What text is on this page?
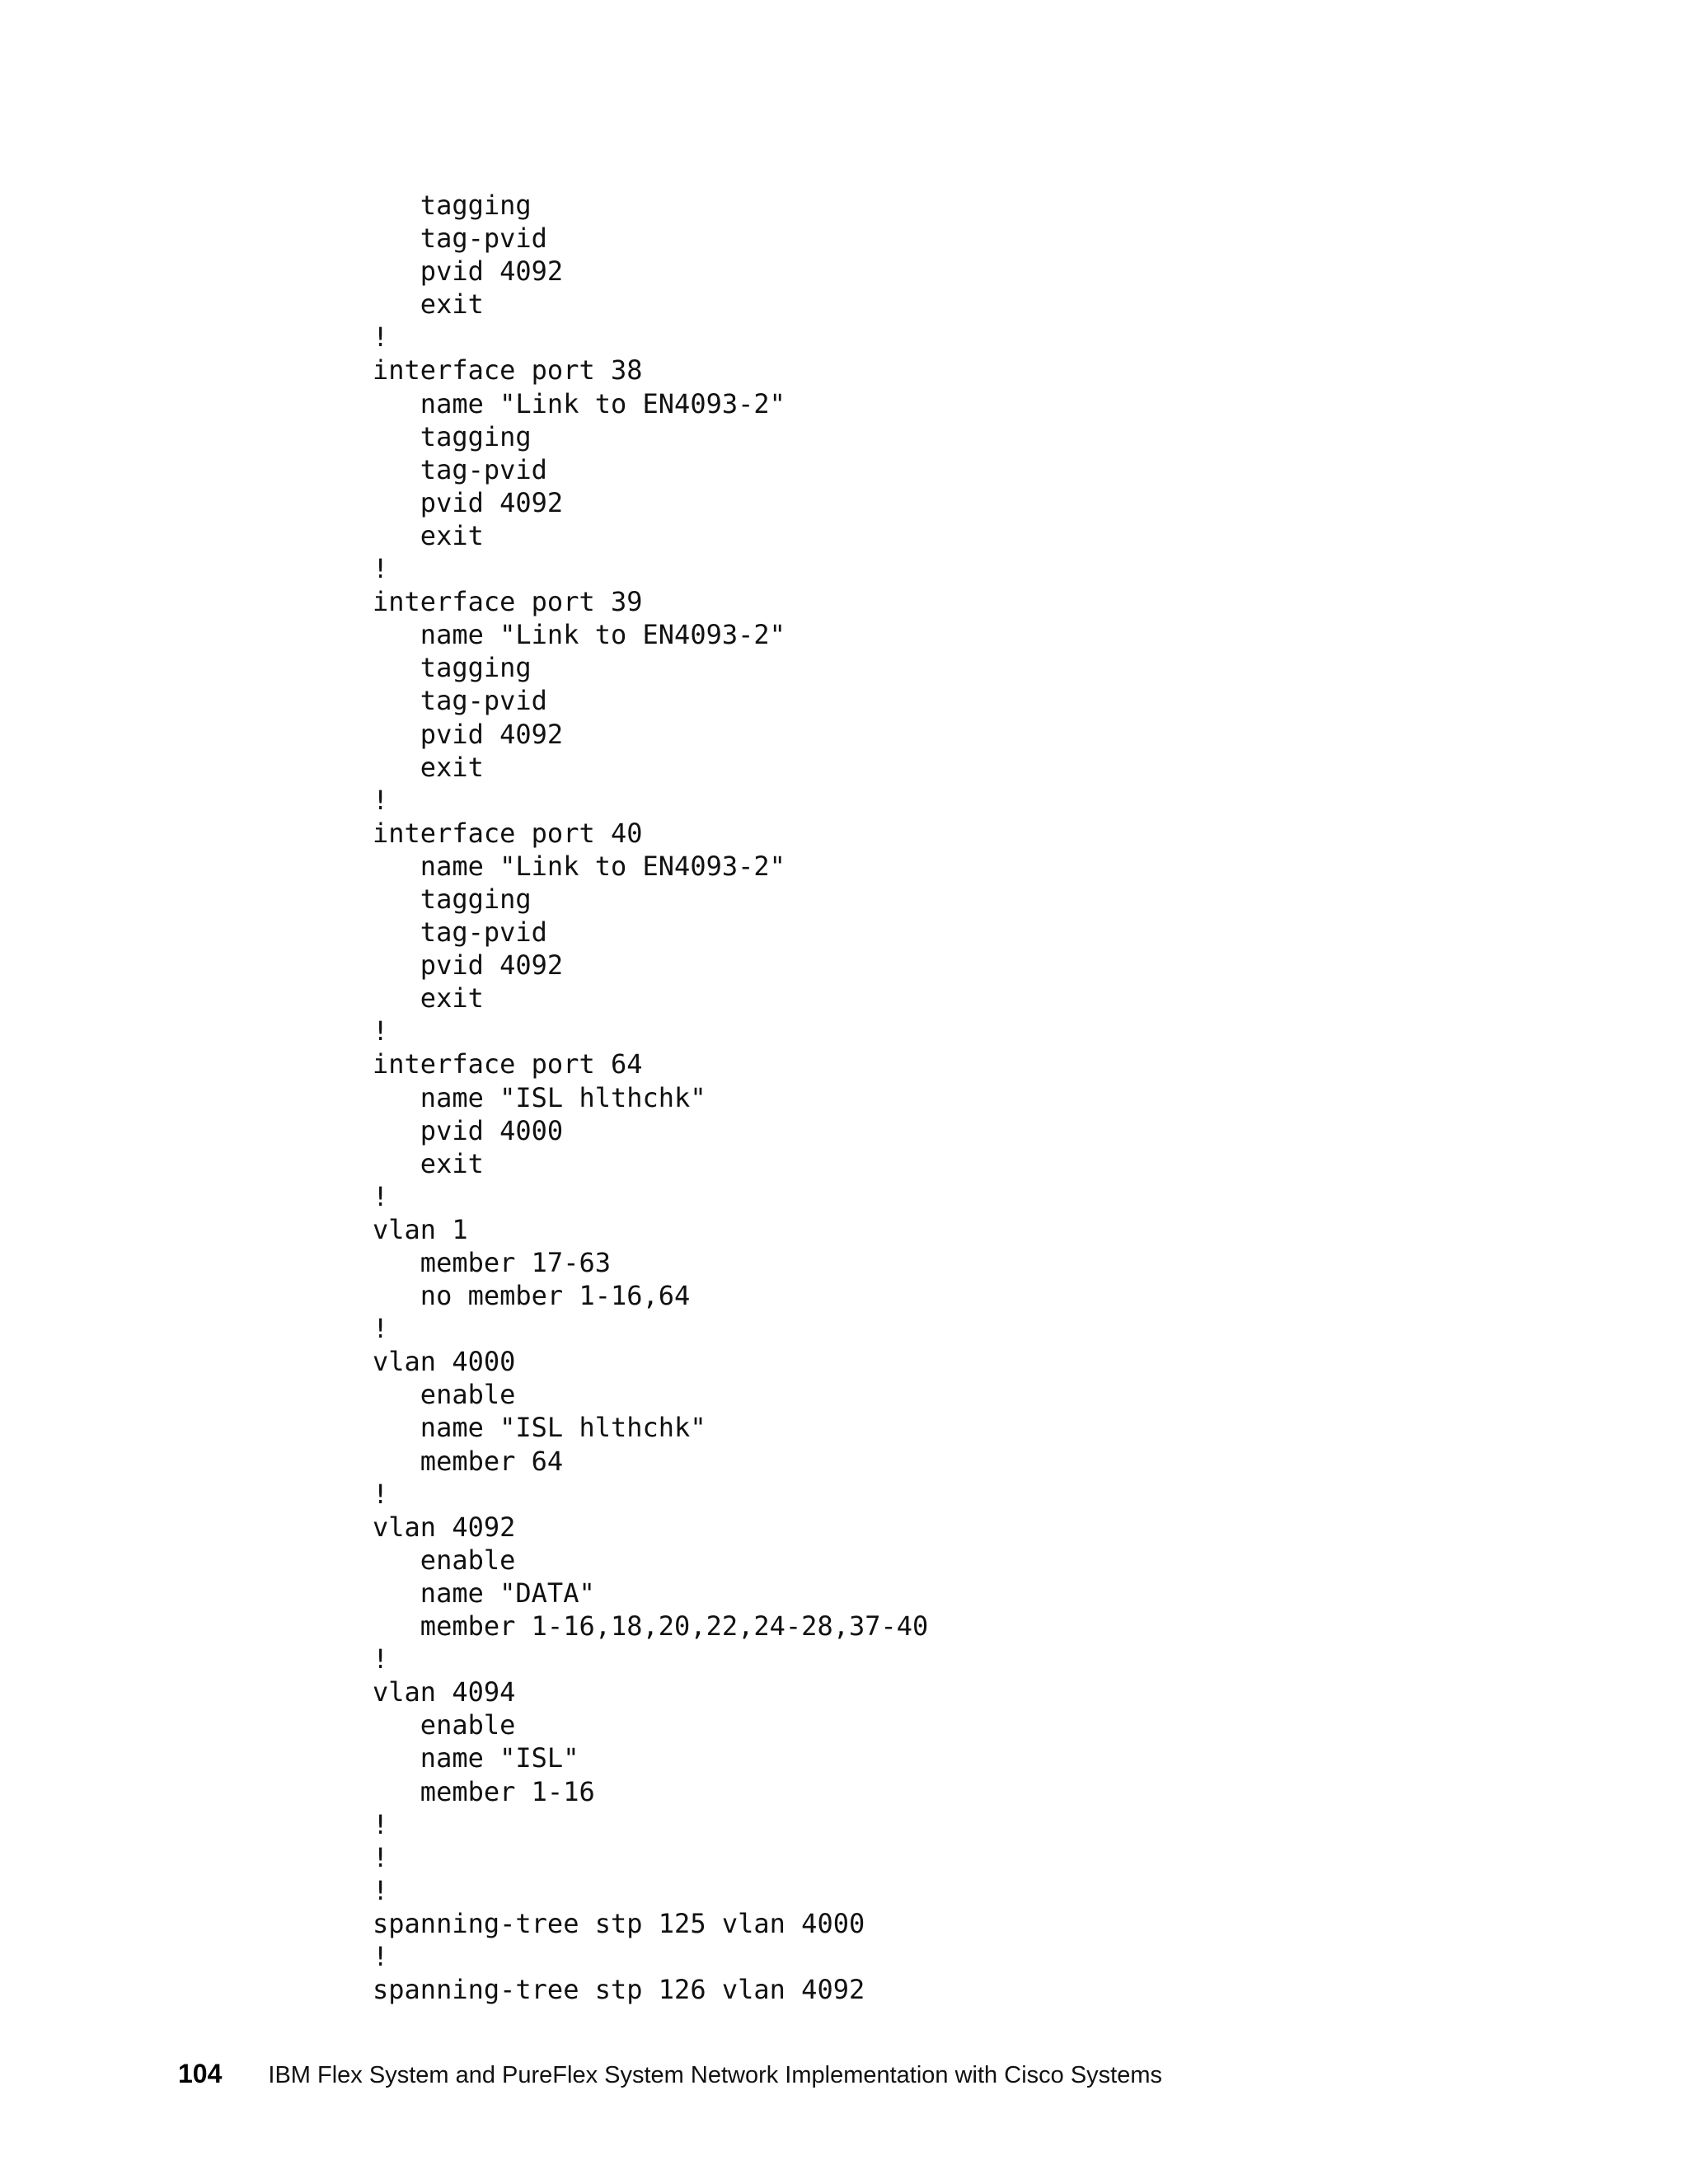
tagging
tag-pvid
pvid 4092
exit
!
interface port 38
name "Link to EN4093-2"
tagging
tag-pvid
pvid 4092
exit
!
interface port 39
name "Link to EN4093-2"
tagging
tag-pvid
pvid 4092
exit
!
interface port 40
name "Link to EN4093-2"
tagging
tag-pvid
pvid 4092
exit
!
interface port 64
name "ISL hlthchk"
pvid 4000
exit
!
vlan 1
member 17-63
no member 1-16,64
!
vlan 4000
enable
name "ISL hlthchk"
member 64
!
vlan 4092
enable
name "DATA"
member 1-16,18,20,22,24-28,37-40
!
vlan 4094
enable
name "ISL"
member 1-16
!
!
!
spanning-tree stp 125 vlan 4000
!
spanning-tree stp 126 vlan 4092
104 IBM Flex System and PureFlex System Network Implementation with Cisco Systems
